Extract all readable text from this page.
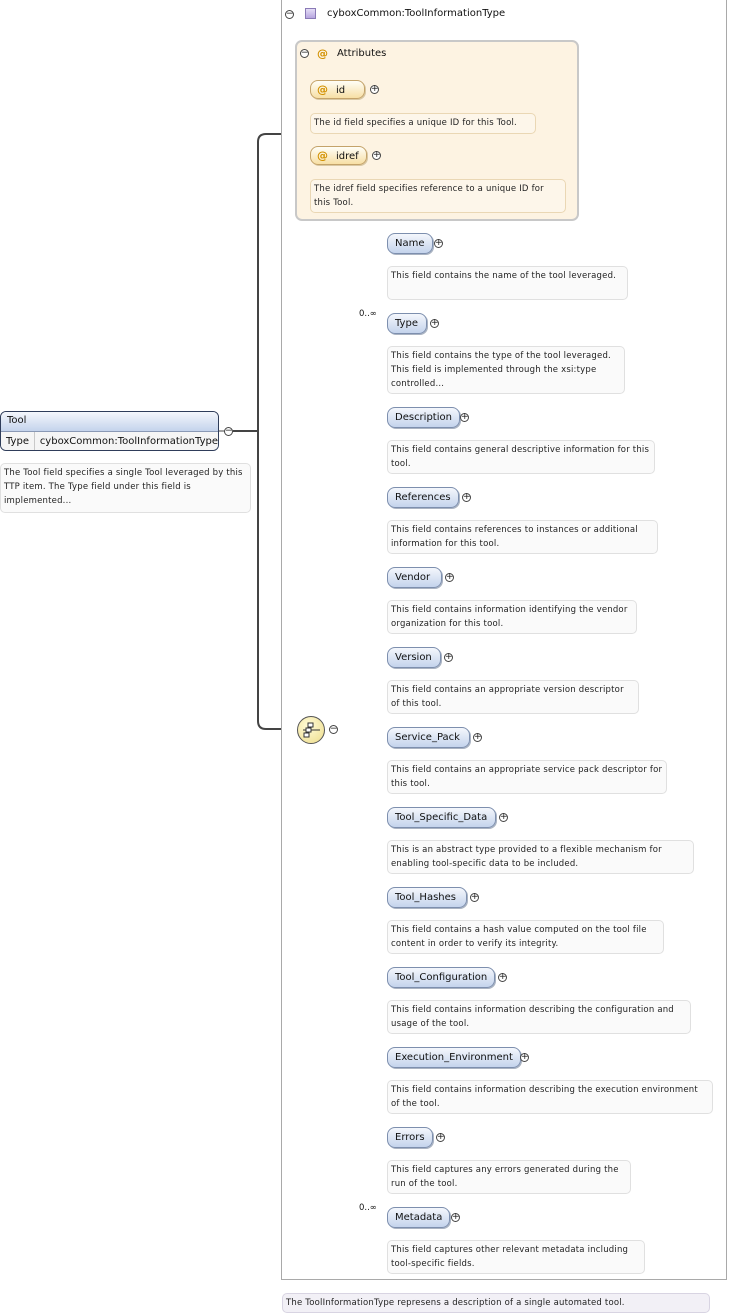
−	cyboxCommon:ToolInformationType
− @ Attributes
@ id	+
The id field specifies a unique ID for this Tool.
@ idref	+
The idref field specifies reference to a unique ID for this Tool.
Tool
Type	cyboxCommon:ToolInformationType
−
The Tool field specifies a single Tool leveraged by this TTP item. The Type field under this field is implemented...
−
Name	+
This field contains the name of the tool leveraged.
Type	+
0..∞
This field contains the type of the tool leveraged. This field is implemented through the xsi:type controlled...
Description	+
This field contains general descriptive information for this tool.
References	+
This field contains references to instances or additional information for this tool.
Vendor	+
This field contains information identifying the vendor organization for this tool.
Version	+
This field contains an appropriate version descriptor of this tool.
Service_Pack	+
This field contains an appropriate service pack descriptor for this tool.
Tool_Specific_Data	+
This is an abstract type provided to a flexible mechanism for enabling tool-specific data to be included.
Tool_Hashes	+
This field contains a hash value computed on the tool file content in order to verify its integrity.
Tool_Configuration	+
This field contains information describing the configuration and usage of the tool.
Execution_Environment +
This field contains information describing the execution environment of the tool.
Errors	+
This field captures any errors generated during the run of the tool.
Metadata	+
0..∞
This field captures other relevant metadata including tool-specific fields.
The ToolInformationType represens a description of a single automated tool.
